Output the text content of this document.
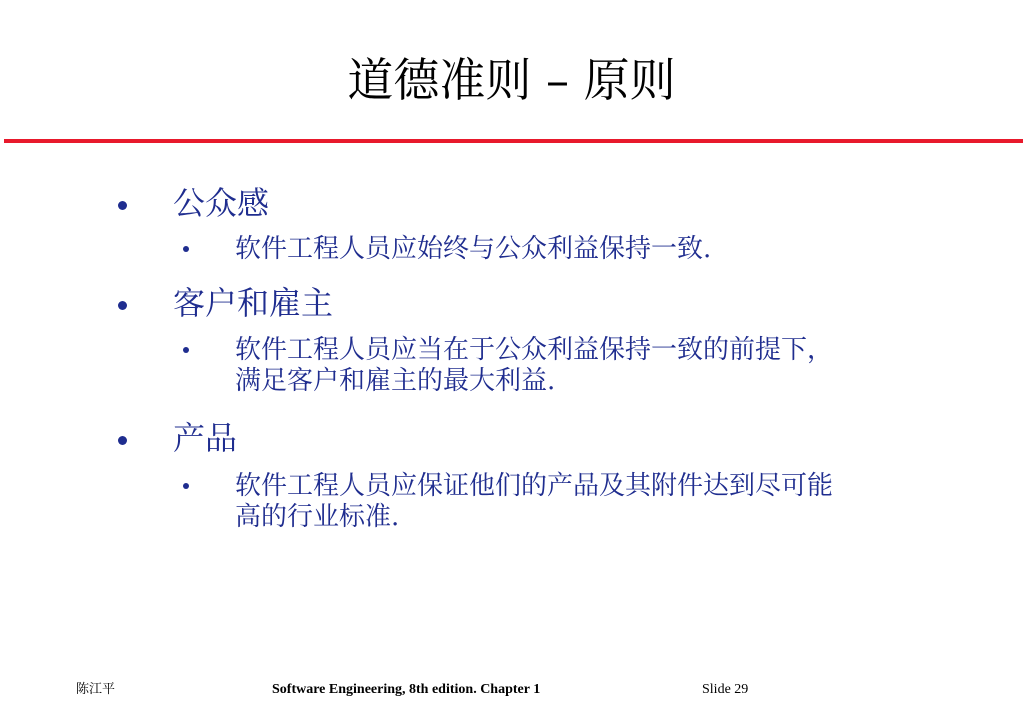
道德准则 – 原则
公众感
软件工程人员应始终与公众利益保持一致.
客户和雇主
软件工程人员应当在于公众利益保持一致的前提下，
满足客户和雇主的最大利益.
产品
软件工程人员应保证他们的产品及其附件达到尽可能
高的行业标准.
陈江平	Software Engineering, 8th edition. Chapter 1	Slide 29
